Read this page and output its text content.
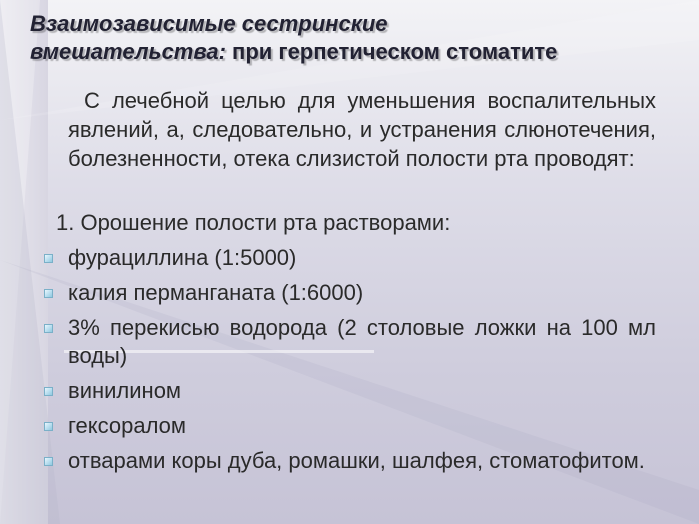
Взаимозависимые сестринские
вмешательства: при герпетическом стоматите
С лечебной целью для уменьшения воспалительных явлений, а, следовательно, и устранения слюнотечения, болезненности, отека слизистой полости рта проводят:
1. Орошение полости рта растворами:
фурациллина (1:5000)
калия перманганата (1:6000)
3% перекисью водорода (2 столовые ложки на 100 мл воды)
винилином
гексоралом
отварами коры дуба, ромашки, шалфея, стоматофитом.
